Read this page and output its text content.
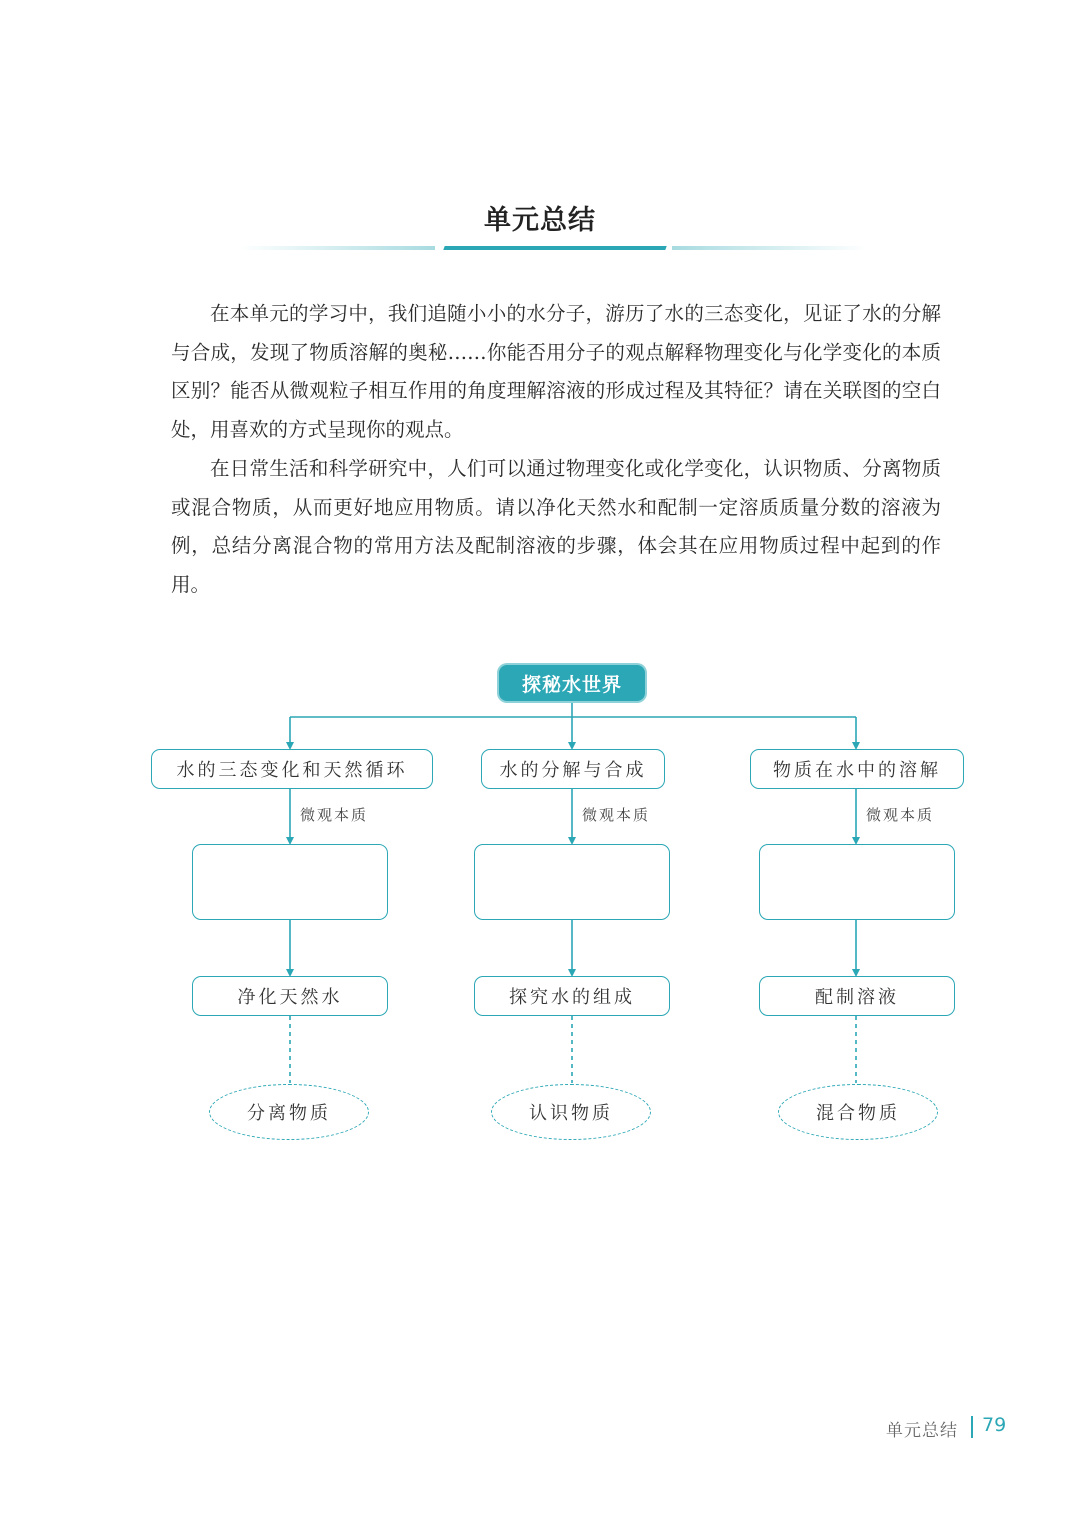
单元总结

在本单元的学习中，我们追随小小的水分子，游历了水的三态变化，见证了水的分解与合成，发现了物质溶解的奥秘……你能否用分子的观点解释物理变化与化学变化的本质区别？能否从微观粒子相互作用的角度理解溶液的形成过程及其特征？请在关联图的空白处，用喜欢的方式呈现你的观点。

在日常生活和科学研究中，人们可以通过物理变化或化学变化，认识物质、分离物质或混合物质，从而更好地应用物质。请以净化天然水和配制一定溶质质量分数的溶液为例，总结分离混合物的常用方法及配制溶液的步骤，体会其在应用物质过程中起到的作用。

探秘水世界
水的三态变化和天然循环	水的分解与合成	物质在水中的溶解
微观本质	微观本质	微观本质
净化天然水	探究水的组成	配制溶液
分离物质	认识物质	混合物质
单元总结 79
